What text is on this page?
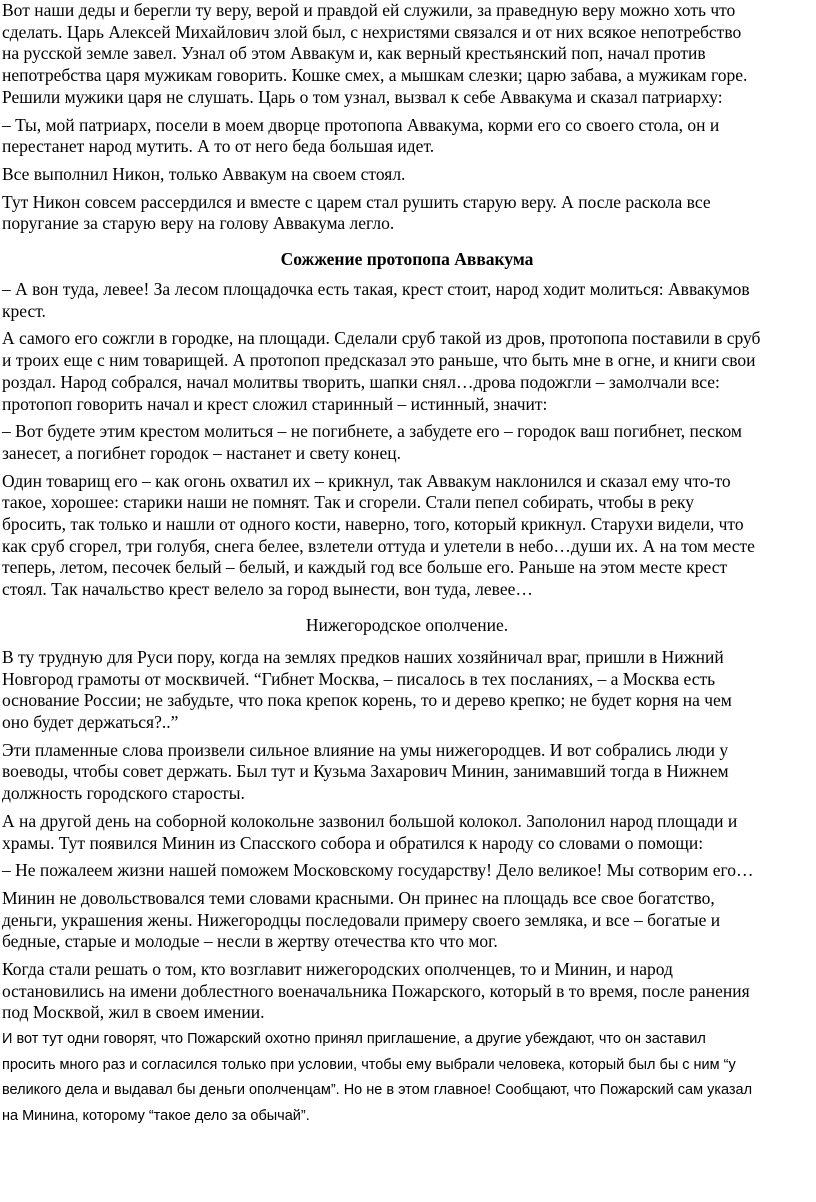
Вот наши деды и берегли ту веру, верой и правдой ей служили, за праведную веру можно хоть что
сделать. Царь Алексей Михайлович злой был, с нехристями связался и от них всякое непотребство
на русской земле завел. Узнал об этом Аввакум и, как верный крестьянский поп, начал против
непотребства царя мужикам говорить. Кошке смех, а мышкам слезки; царю забава, а мужикам горе.
Решили мужики царя не слушать. Царь о том узнал, вызвал к себе Аввакума и сказал патриарху:

– Ты, мой патриарх, посели в моем дворце протопопа Аввакума, корми его со своего стола, он и
перестанет народ мутить. А то от него беда большая идет.

Все выполнил Никон, только Аввакум на своем стоял.

Тут Никон совсем рассердился и вместе с царем стал рушить старую веру. А после раскола все
поругание за старую веру на голову Аввакума легло.

Сожжение протопопа Аввакума

– А вон туда, левее! За лесом площадочка есть такая, крест стоит, народ ходит молиться: Аввакумов
крест.

А самого его сожгли в городке, на площади. Сделали сруб такой из дров, протопопа поставили в сруб
и троих еще с ним товарищей. А протопоп предсказал это раньше, что быть мне в огне, и книги свои
роздал. Народ собрался, начал молитвы творить, шапки снял…дрова подожгли – замолчали все:
протопоп говорить начал и крест сложил старинный – истинный, значит:

– Вот будете этим крестом молиться – не погибнете, а забудете его – городок ваш погибнет, песком
занесет, а погибнет городок – настанет и свету конец.

Один товарищ его – как огонь охватил их – крикнул, так Аввакум наклонился и сказал ему что-то
такое, хорошее: старики наши не помнят. Так и сгорели. Стали пепел собирать, чтобы в реку
бросить, так только и нашли от одного кости, наверно, того, который крикнул. Старухи видели, что
как сруб сгорел, три голубя, снега белее, взлетели оттуда и улетели в небо…души их. А на том месте
теперь, летом, песочек белый – белый, и каждый год все больше его. Раньше на этом месте крест
стоял. Так начальство крест велело за город вынести, вон туда, левее…

Нижегородское ополчение.

В ту трудную для Руси пору, когда на землях предков наших хозяйничал враг, пришли в Нижний
Новгород грамоты от москвичей. “Гибнет Москва, – писалось в тех посланиях, – а Москва есть
основание России; не забудьте, что пока крепок корень, то и дерево крепко; не будет корня на чем
оно будет держаться?..”

Эти пламенные слова произвели сильное влияние на умы нижегородцев. И вот собрались люди у
воеводы, чтобы совет держать. Был тут и Кузьма Захарович Минин, занимавший тогда в Нижнем
должность городского старосты.

А на другой день на соборной колокольне зазвонил большой колокол. Заполонил народ площади и
храмы. Тут появился Минин из Спасского собора и обратился к народу со словами о помощи:

– Не пожалеем жизни нашей поможем Московскому государству! Дело великое! Мы сотворим его…

Минин не довольствовался теми словами красными. Он принес на площадь все свое богатство,
деньги, украшения жены. Нижегородцы последовали примеру своего земляка, и все – богатые и
бедные, старые и молодые – несли в жертву отечества кто что мог.

Когда стали решать о том, кто возглавит нижегородских ополченцев, то и Минин, и народ
остановились на имени доблестного военачальника Пожарского, который в то время, после ранения
под Москвой, жил в своем имении.

И вот тут одни говорят, что Пожарский охотно принял приглашение, а другие убеждают, что он заставил
просить много раз и согласился только при условии, чтобы ему выбрали человека, который был бы с ним “у
великого дела и выдавал бы деньги ополченцам”. Но не в этом главное! Сообщают, что Пожарский сам указал
на Минина, которому “такое дело за обычай”.
